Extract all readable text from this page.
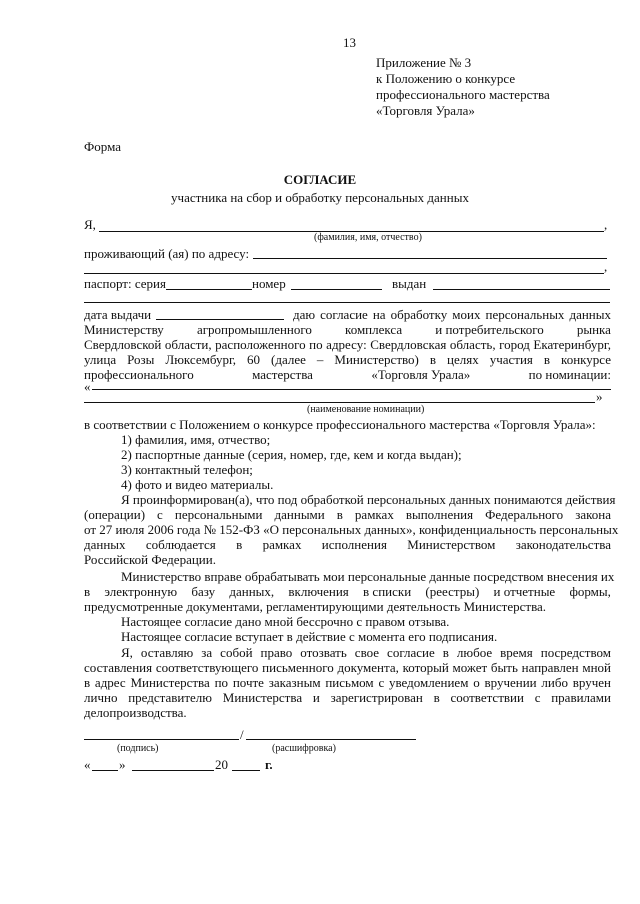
13
Приложение № 3
к Положению о конкурсе
профессионального мастерства
«Торговля Урала»
Форма
СОГЛАСИЕ
участника на сбор и обработку персональных данных
Я,	,
(фамилия, имя, отчество)
проживающий (ая) по адресу:
,
паспорт: серия	номер	выдан
дата выдачи	даю согласие на обработку моих персональных данных
Министерству	агропромышленного	комплекса	и потребительского	рынка
Свердловской области, расположенного по адресу: Свердловская область, город Екатеринбург,
улица Розы Люксембург, 60 (далее – Министерство) в целях участия в конкурсе
профессионального	мастерства	«Торговля Урала»	по номинации:
«
»
(наименование номинации)
в соответствии с Положением о конкурсе профессионального мастерства «Торговля Урала»:
1) фамилия, имя, отчество;
2) паспортные данные (серия, номер, где, кем и когда выдан);
3) контактный телефон;
4) фото и видео материалы.
Я проинформирован(а), что под обработкой персональных данных понимаются действия
(операции) с персональными данными в рамках выполнения Федерального закона
от 27 июля 2006 года № 152-ФЗ «О персональных данных», конфиденциальность персональных
данных соблюдается в рамках исполнения Министерством законодательства
Российской Федерации.
Министерство вправе обрабатывать мои персональные данные посредством внесения их
в электронную базу данных, включения в списки (реестры) и отчетные формы,
предусмотренные документами, регламентирующими деятельность Министерства.
Настоящее согласие дано мной бессрочно с правом отзыва.
Настоящее согласие вступает в действие с момента его подписания.
Я, оставляю за собой право отозвать свое согласие в любое время посредством
составления соответствующего письменного документа, который может быть направлен мной
в адрес Министерства по почте заказным письмом с уведомлением о вручении либо вручен
лично представителю Министерства и зарегистрирован в соответствии с правилами
делопроизводства.
/
(подпись)	(расшифровка)
« »	20	г.
